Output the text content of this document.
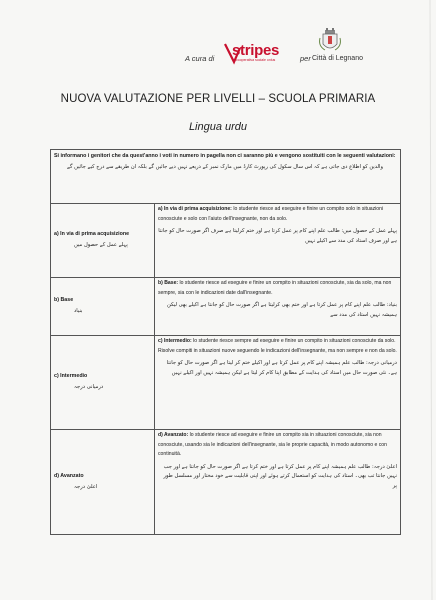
A cura di stripes
cooperativa sociale onlus	per Città di Legnano
NUOVA VALUTAZIONE PER LIVELLI – SCUOLA PRIMARIA
Lingua urdu
Si informano i genitori che da quest'anno i voti in numero in pagella non ci saranno più e vengono sostituiti con le seguenti valutazioni:
والدین کو اطلاع دی جاتی ہے کہ اس سال سکول کی رپورٹ کارڈ میں مارک نمبر کے ذریعے نہیں دیے جائیں گے بلکہ ان طریقے سے درج کیے جائیں گے
a) In via di prima acquisizione
پہلے عمل کے حصول میں
a) In via di prima acquisizione: lo studente riesce ad eseguire e finire un compito solo in situazioni conosciute e solo con l'aiuto dell'insegnante, non da solo.
پہلے عمل کے حصول میں: طالب علم اپنے کام پر عمل کرتا ہے اور ختم کرلیتا ہے صرف اگر صورت حال کو جانتا ہے اور صرف استاد کی مدد سے اکیلے نہیں
b) Base
بنیاد
b) Base: lo studente riesce ad eseguire e finire un compito in situazioni conosciute, sia da solo, ma non sempre, sia con le indicazioni date dall'insegnante.
بنیاد: طالب علم اپنے کام پر عمل کرتا ہے اور ختم بھی کرلیتا ہے اگر صورت حال کو جانتا ہے اکیلے بھی لیکن ہمیشہ نہیں استاد کی مدد سے
c) Intermedio
درمیانی درجہ
c) Intermedio: lo studente riesce sempre ad eseguire e finire un compito in situazioni conosciute da solo. Risolve compiti in situazioni nuove seguendo le indicazioni dell'insegnante, ma non sempre e non da solo.
درمیانی درجہ: طالب علم ہمیشہ اپنے کام پر عمل کرتا ہے اور اکیلے ختم کر لیتا ہے اگر صورت حال کو جانتا ہے۔ نئی صورت حال میں استاد کی ہدایت کے مطابق اپنا کام کر لیتا ہے لیکن ہمیشہ نہیں اور اکیلے نہیں
d) Avanzato
اعلیٰ درجہ
d) Avanzato: lo studente riesce ad eseguire e finire un compito sia in situazioni conosciute, sia non conosciute, usando sia le indicazioni dell'insegnante, sia le proprie capacità, in modo autonomo e con continuità.
اعلیٰ درجہ: طالب علم ہمیشہ اپنے کام پر عمل کرتا ہے اور ختم کرتا ہے اگر صورت حال کو جانتا ہے اور جب نہیں جانتا تب بھی۔ استاد کی ہدایت کو استعمال کرتے ہوئے اور اپنی قابلیت سے خود مختار اور مسلسل طور پر
